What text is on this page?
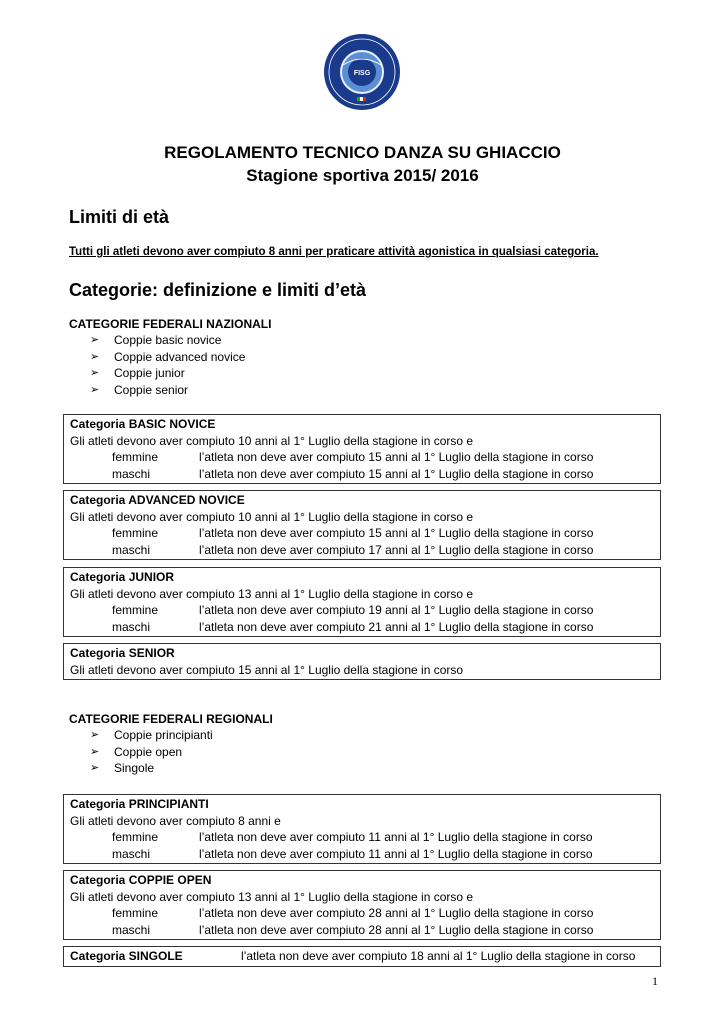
FISG
REGOLAMENTO TECNICO DANZA SU GHIACCIO
Stagione sportiva 2015/ 2016
Limiti di età
Tutti gli atleti devono aver compiuto 8 anni per praticare attività agonistica in qualsiasi categoria.
Categorie: definizione e limiti d’età
CATEGORIE FEDERALI NAZIONALI
➢	Coppie basic novice
➢	Coppie advanced novice
➢	Coppie junior
➢	Coppie senior
Categoria BASIC NOVICE
Gli atleti devono aver compiuto 10 anni al 1° Luglio della stagione in corso e
femmine	l’atleta non deve aver compiuto 15 anni al 1° Luglio della stagione in corso
maschi	l’atleta non deve aver compiuto 15 anni al 1° Luglio della stagione in corso
Categoria ADVANCED NOVICE
Gli atleti devono aver compiuto 10 anni al 1° Luglio della stagione in corso e
femmine	l’atleta non deve aver compiuto 15 anni al 1° Luglio della stagione in corso
maschi	l’atleta non deve aver compiuto 17 anni al 1° Luglio della stagione in corso
Categoria JUNIOR
Gli atleti devono aver compiuto 13 anni al 1° Luglio della stagione in corso e
femmine	l’atleta non deve aver compiuto 19 anni al 1° Luglio della stagione in corso
maschi	l’atleta non deve aver compiuto 21 anni al 1° Luglio della stagione in corso
Categoria SENIOR
Gli atleti devono aver compiuto 15 anni al 1° Luglio della stagione in corso
CATEGORIE FEDERALI REGIONALI
➢	Coppie principianti
➢	Coppie open
➢	Singole
Categoria PRINCIPIANTI
Gli atleti devono aver compiuto 8 anni e
femmine	l’atleta non deve aver compiuto 11 anni al 1° Luglio della stagione in corso
maschi	l’atleta non deve aver compiuto 11 anni al 1° Luglio della stagione in corso
Categoria COPPIE OPEN
Gli atleti devono aver compiuto 13 anni al 1° Luglio della stagione in corso e
femmine	l’atleta non deve aver compiuto 28 anni al 1° Luglio della stagione in corso
maschi	l’atleta non deve aver compiuto 28 anni al 1° Luglio della stagione in corso
Categoria SINGOLE	l’atleta non deve aver compiuto 18 anni al 1° Luglio della stagione in corso
1
